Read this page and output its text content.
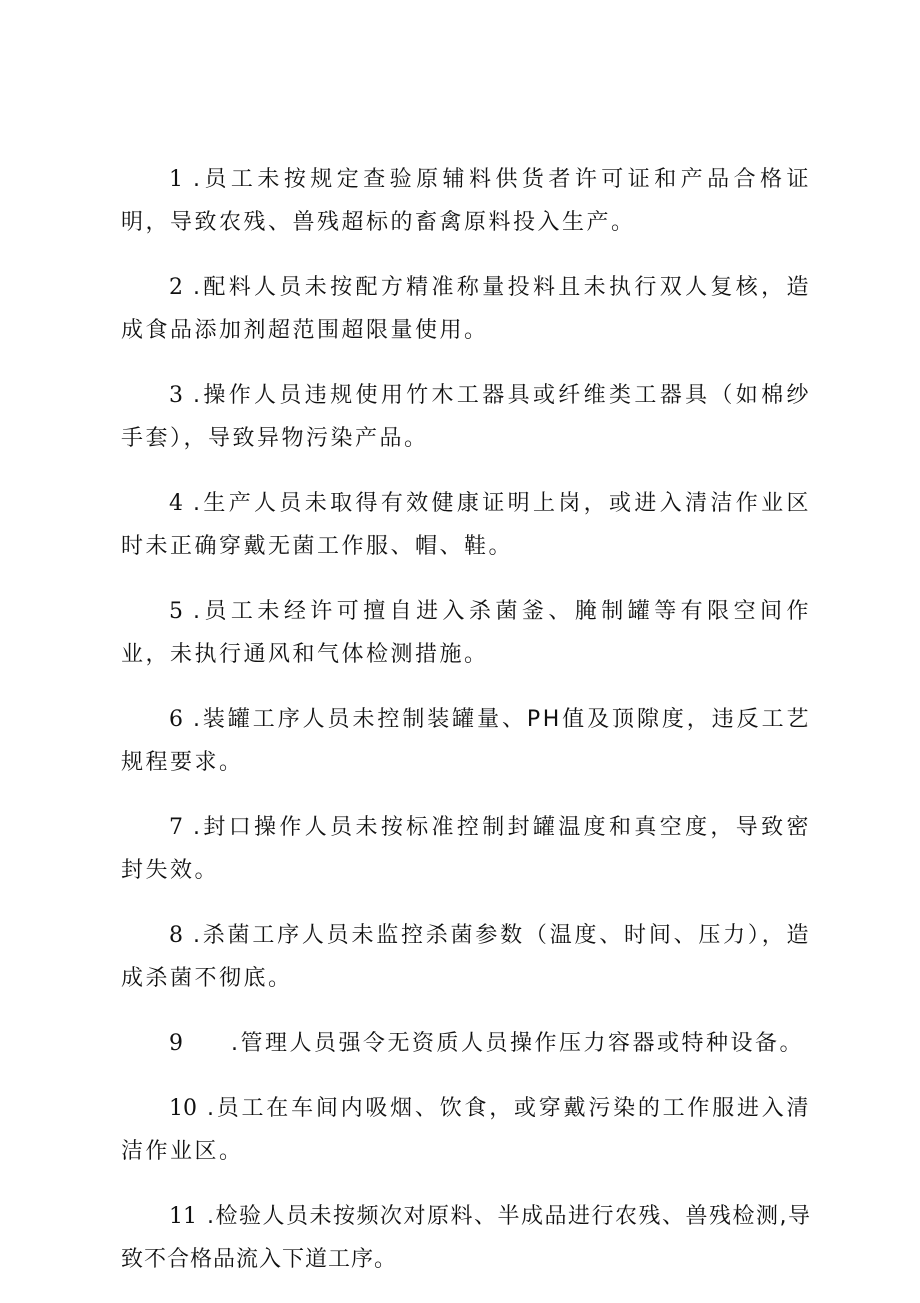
1 .员工未按规定查验原辅料供货者许可证和产品合格证明，导致农残、兽残超标的畜禽原料投入生产。

2 .配料人员未按配方精准称量投料且未执行双人复核，造成食品添加剂超范围超限量使用。

3 .操作人员违规使用竹木工器具或纤维类工器具（如棉纱手套），导致异物污染产品。

4 .生产人员未取得有效健康证明上岗，或进入清洁作业区时未正确穿戴无菌工作服、帽、鞋。

5 .员工未经许可擅自进入杀菌釜、腌制罐等有限空间作业，未执行通风和气体检测措施。

6 .装罐工序人员未控制装罐量、PH值及顶隙度，违反工艺规程要求。

7 .封口操作人员未按标准控制封罐温度和真空度，导致密封失效。

8 .杀菌工序人员未监控杀菌参数（温度、时间、压力），造成杀菌不彻底。

9 .管理人员强令无资质人员操作压力容器或特种设备。

10 .员工在车间内吸烟、饮食，或穿戴污染的工作服进入清洁作业区。

11 .检验人员未按频次对原料、半成品进行农残、兽残检测,导致不合格品流入下道工序。
